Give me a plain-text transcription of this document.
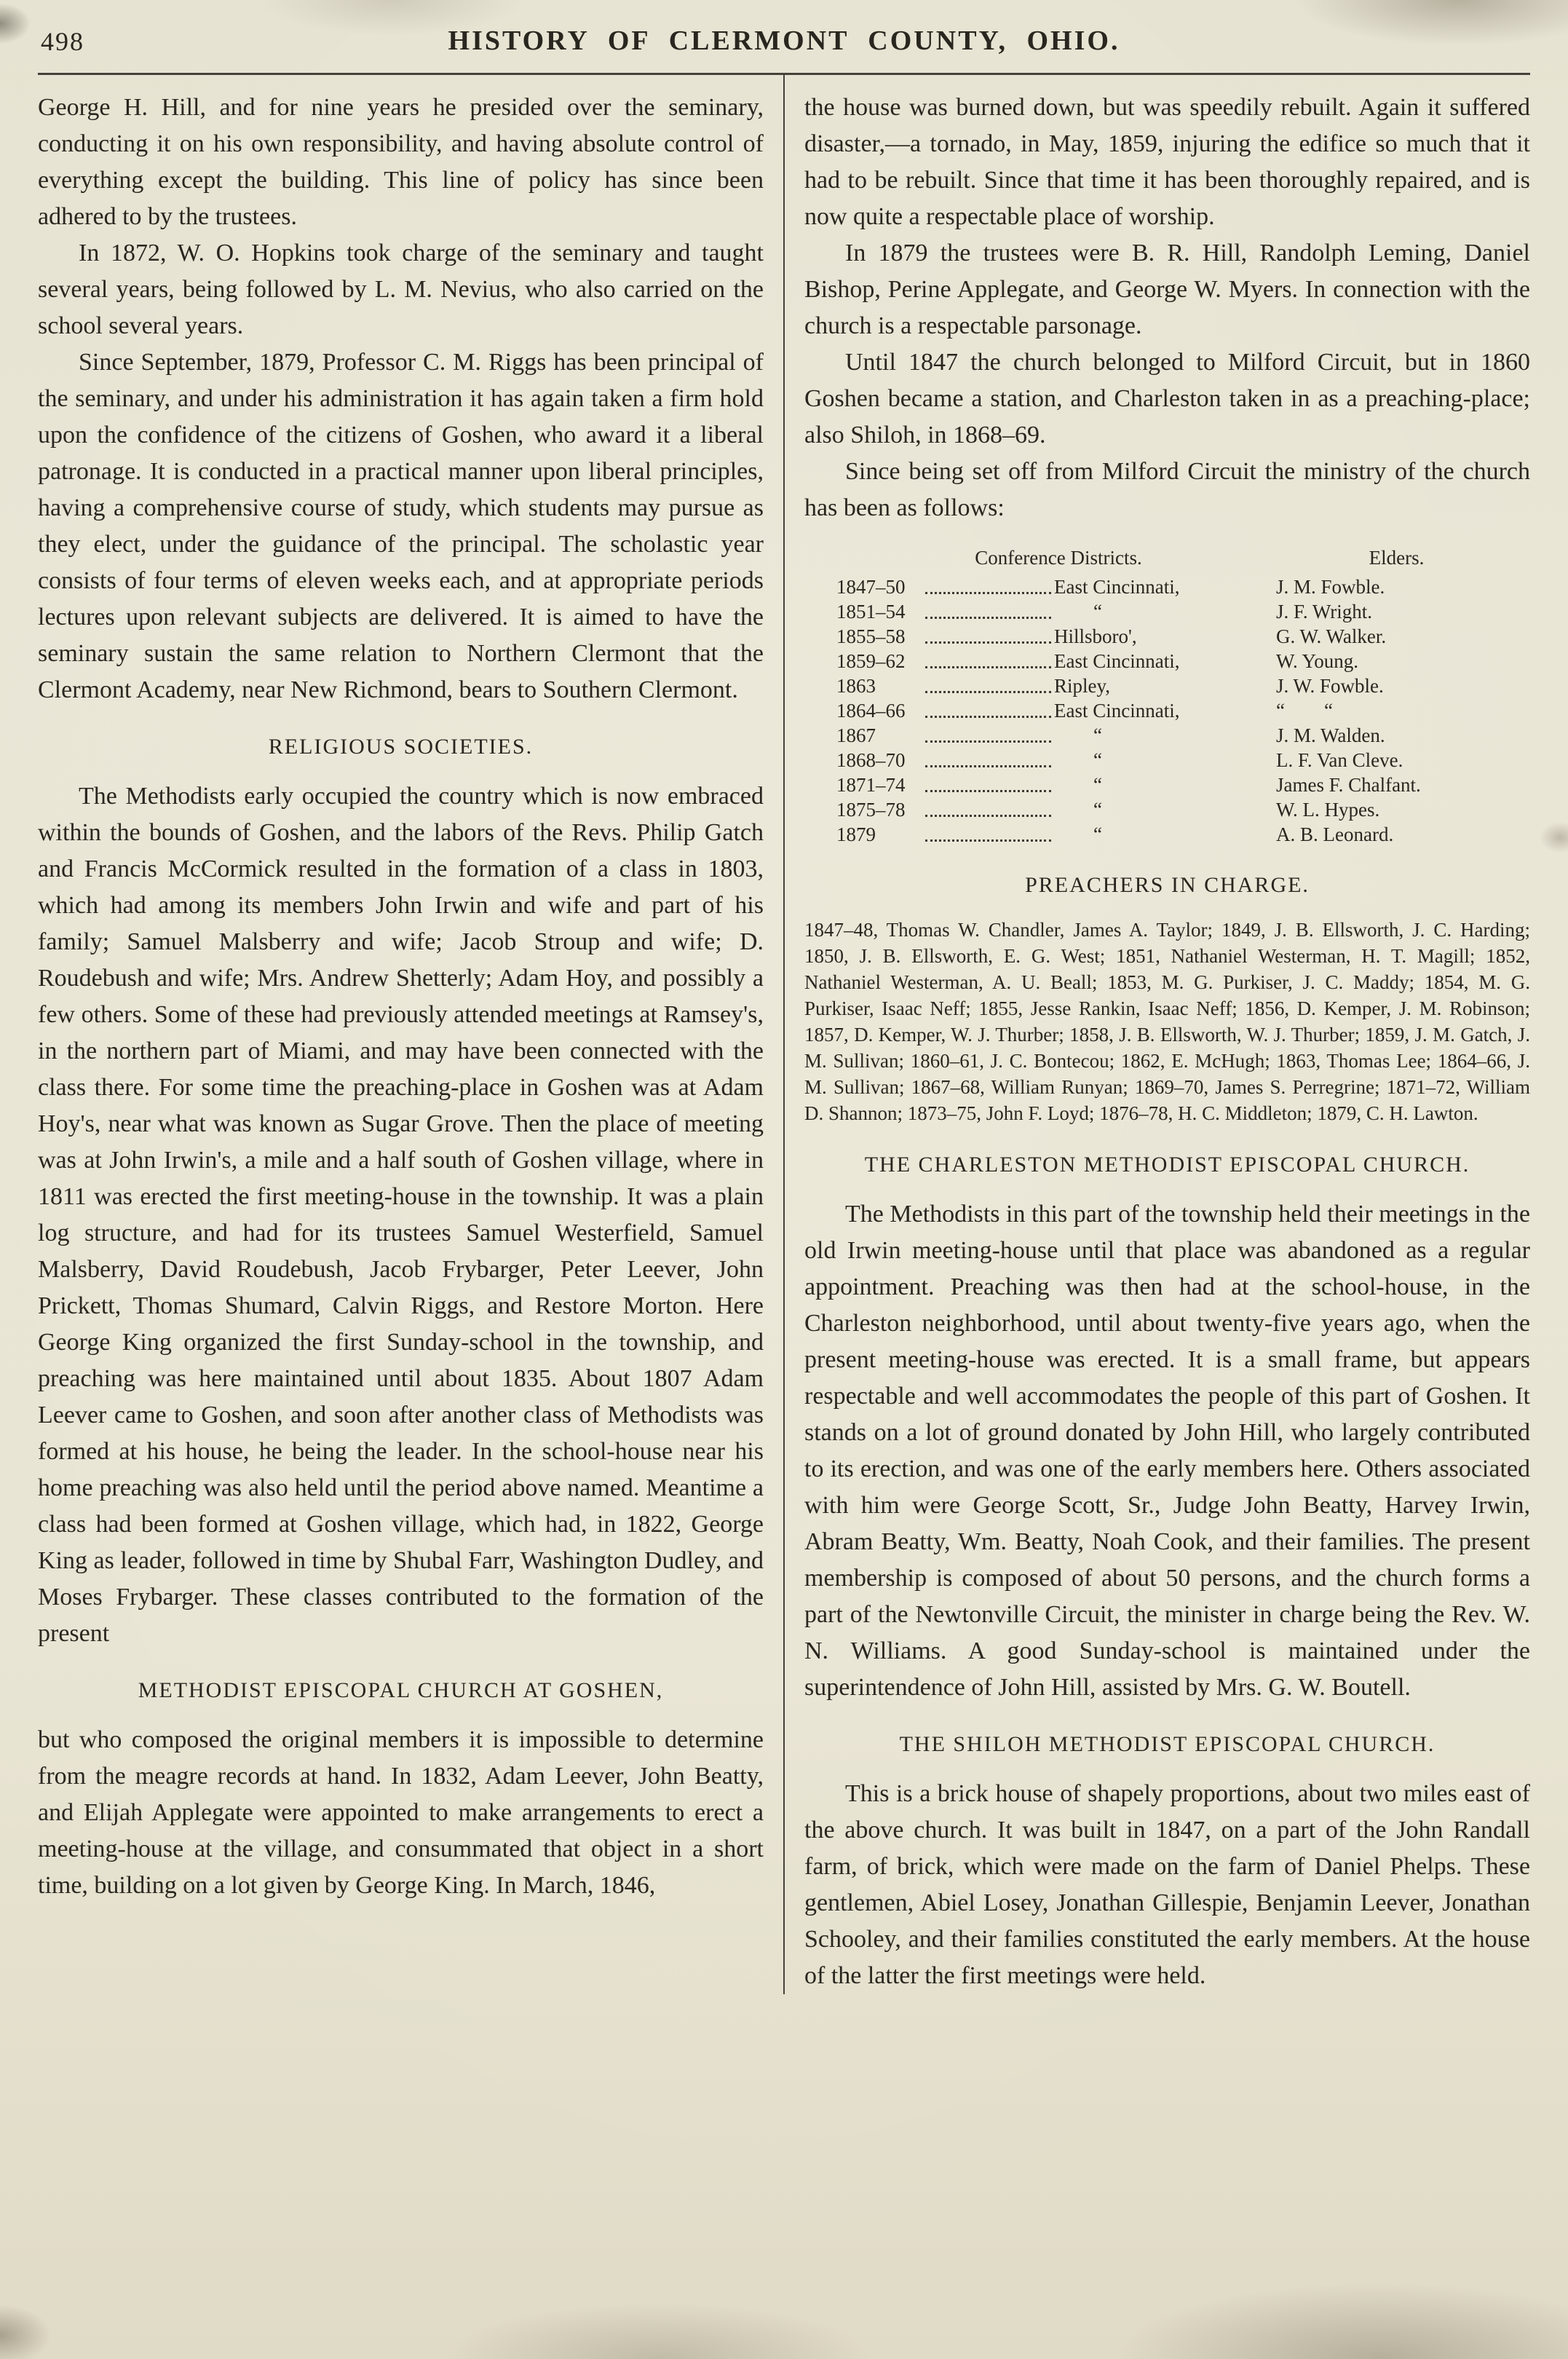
498	HISTORY OF CLERMONT COUNTY, OHIO.

George H. Hill, and for nine years he presided over the seminary, conducting it on his own responsibility, and having absolute control of everything except the building. This line of policy has since been adhered to by the trustees.

In 1872, W. O. Hopkins took charge of the seminary and taught several years, being followed by L. M. Nevius, who also carried on the school several years.

Since September, 1879, Professor C. M. Riggs has been principal of the seminary, and under his administration it has again taken a firm hold upon the confidence of the citizens of Goshen, who award it a liberal patronage. It is conducted in a practical manner upon liberal principles, having a comprehensive course of study, which students may pursue as they elect, under the guidance of the principal. The scholastic year consists of four terms of eleven weeks each, and at appropriate periods lectures upon relevant subjects are delivered. It is aimed to have the seminary sustain the same relation to Northern Clermont that the Clermont Academy, near New Richmond, bears to Southern Clermont.

RELIGIOUS SOCIETIES.

The Methodists early occupied the country which is now embraced within the bounds of Goshen, and the labors of the Revs. Philip Gatch and Francis McCormick resulted in the formation of a class in 1803, which had among its members John Irwin and wife and part of his family; Samuel Malsberry and wife; Jacob Stroup and wife; D. Roudebush and wife; Mrs. Andrew Shetterly; Adam Hoy, and possibly a few others. Some of these had previously attended meetings at Ramsey's, in the northern part of Miami, and may have been connected with the class there. For some time the preaching-place in Goshen was at Adam Hoy's, near what was known as Sugar Grove. Then the place of meeting was at John Irwin's, a mile and a half south of Goshen village, where in 1811 was erected the first meeting-house in the township. It was a plain log structure, and had for its trustees Samuel Westerfield, Samuel Malsberry, David Roudebush, Jacob Frybarger, Peter Leever, John Prickett, Thomas Shumard, Calvin Riggs, and Restore Morton. Here George King organized the first Sunday-school in the township, and preaching was here maintained until about 1835. About 1807 Adam Leever came to Goshen, and soon after another class of Methodists was formed at his house, he being the leader. In the school-house near his home preaching was also held until the period above named. Meantime a class had been formed at Goshen village, which had, in 1822, George King as leader, followed in time by Shubal Farr, Washington Dudley, and Moses Frybarger. These classes contributed to the formation of the present

METHODIST EPISCOPAL CHURCH AT GOSHEN,

but who composed the original members it is impossible to determine from the meagre records at hand. In 1832, Adam Leever, John Beatty, and Elijah Applegate were appointed to make arrangements to erect a meeting-house at the village, and consummated that object in a short time, building on a lot given by George King. In March, 1846,

the house was burned down, but was speedily rebuilt. Again it suffered disaster,—a tornado, in May, 1859, injuring the edifice so much that it had to be rebuilt. Since that time it has been thoroughly repaired, and is now quite a respectable place of worship.

In 1879 the trustees were B. R. Hill, Randolph Leming, Daniel Bishop, Perine Applegate, and George W. Myers. In connection with the church is a respectable parsonage.

Until 1847 the church belonged to Milford Circuit, but in 1860 Goshen became a station, and Charleston taken in as a preaching-place; also Shiloh, in 1868–69.

Since being set off from Milford Circuit the ministry of the church has been as follows:

Conference Districts.	Elders.
1847–50	East Cincinnati,	J. M. Fowble.
1851–54	“	J. F. Wright.
1855–58	Hillsboro',	G. W. Walker.
1859–62	East Cincinnati,	W. Young.
1863	Ripley,	J. W. Fowble.
1864–66	East Cincinnati,	“        “
1867	“	J. M. Walden.
1868–70	“	L. F. Van Cleve.
1871–74	“	James F. Chalfant.
1875–78	“	W. L. Hypes.
1879	“	A. B. Leonard.
PREACHERS IN CHARGE.

1847–48, Thomas W. Chandler, James A. Taylor; 1849, J. B. Ellsworth, J. C. Harding; 1850, J. B. Ellsworth, E. G. West; 1851, Nathaniel Westerman, H. T. Magill; 1852, Nathaniel Westerman, A. U. Beall; 1853, M. G. Purkiser, J. C. Maddy; 1854, M. G. Purkiser, Isaac Neff; 1855, Jesse Rankin, Isaac Neff; 1856, D. Kemper, J. M. Robinson; 1857, D. Kemper, W. J. Thurber; 1858, J. B. Ellsworth, W. J. Thurber; 1859, J. M. Gatch, J. M. Sullivan; 1860–61, J. C. Bontecou; 1862, E. McHugh; 1863, Thomas Lee; 1864–66, J. M. Sullivan; 1867–68, William Runyan; 1869–70, James S. Perregrine; 1871–72, William D. Shannon; 1873–75, John F. Loyd; 1876–78, H. C. Middleton; 1879, C. H. Lawton.

THE CHARLESTON METHODIST EPISCOPAL CHURCH.

The Methodists in this part of the township held their meetings in the old Irwin meeting-house until that place was abandoned as a regular appointment. Preaching was then had at the school-house, in the Charleston neighborhood, until about twenty-five years ago, when the present meeting-house was erected. It is a small frame, but appears respectable and well accommodates the people of this part of Goshen. It stands on a lot of ground donated by John Hill, who largely contributed to its erection, and was one of the early members here. Others associated with him were George Scott, Sr., Judge John Beatty, Harvey Irwin, Abram Beatty, Wm. Beatty, Noah Cook, and their families. The present membership is composed of about 50 persons, and the church forms a part of the Newtonville Circuit, the minister in charge being the Rev. W. N. Williams. A good Sunday-school is maintained under the superintendence of John Hill, assisted by Mrs. G. W. Boutell.

THE SHILOH METHODIST EPISCOPAL CHURCH.

This is a brick house of shapely proportions, about two miles east of the above church. It was built in 1847, on a part of the John Randall farm, of brick, which were made on the farm of Daniel Phelps. These gentlemen, Abiel Losey, Jonathan Gillespie, Benjamin Leever, Jonathan Schooley, and their families constituted the early members. At the house of the latter the first meetings were held.
